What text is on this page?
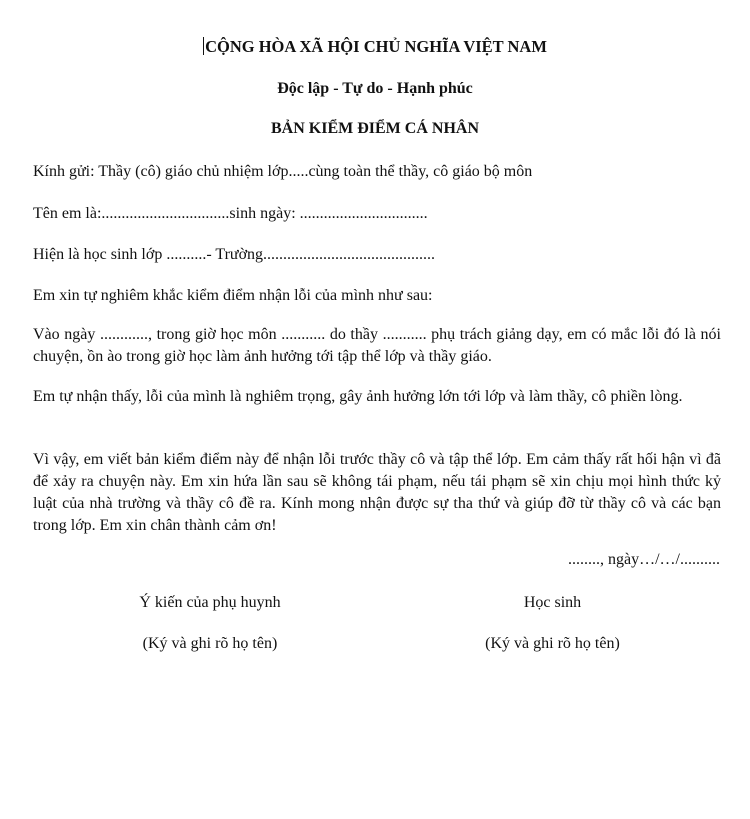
CỘNG HÒA XÃ HỘI CHỦ NGHĨA VIỆT NAM

Độc lập - Tự do - Hạnh phúc

BẢN KIỂM ĐIỂM CÁ NHÂN

Kính gửi: Thầy (cô) giáo chủ nhiệm lớp.....cùng toàn thể thầy, cô giáo bộ môn

Tên em là:................................sinh ngày: ................................

Hiện là học sinh lớp ..........- Trường...........................................

Em xin tự nghiêm khắc kiểm điểm nhận lỗi của mình như sau:

Vào ngày ............, trong giờ học môn ........... do thầy ........... phụ trách giảng dạy, em có mắc lỗi đó là nói chuyện, ồn ào trong giờ học làm ảnh hưởng tới tập thể lớp và thầy giáo.

Em tự nhận thấy, lỗi của mình là nghiêm trọng, gây ảnh hưởng lớn tới lớp và làm thầy, cô phiền lòng.

Vì vậy, em viết bản kiểm điểm này để nhận lỗi trước thầy cô và tập thể lớp. Em cảm thấy rất hối hận vì đã để xảy ra chuyện này. Em xin hứa lần sau sẽ không tái phạm, nếu tái phạm sẽ xin chịu mọi hình thức kỷ luật của nhà trường và thầy cô đề ra. Kính mong nhận được sự tha thứ và giúp đỡ từ thầy cô và các bạn trong lớp. Em xin chân thành cảm ơn!

........, ngày…/…/..........

Ý kiến của phụ huynh

(Ký và ghi rõ họ tên)

Học sinh

(Ký và ghi rõ họ tên)
